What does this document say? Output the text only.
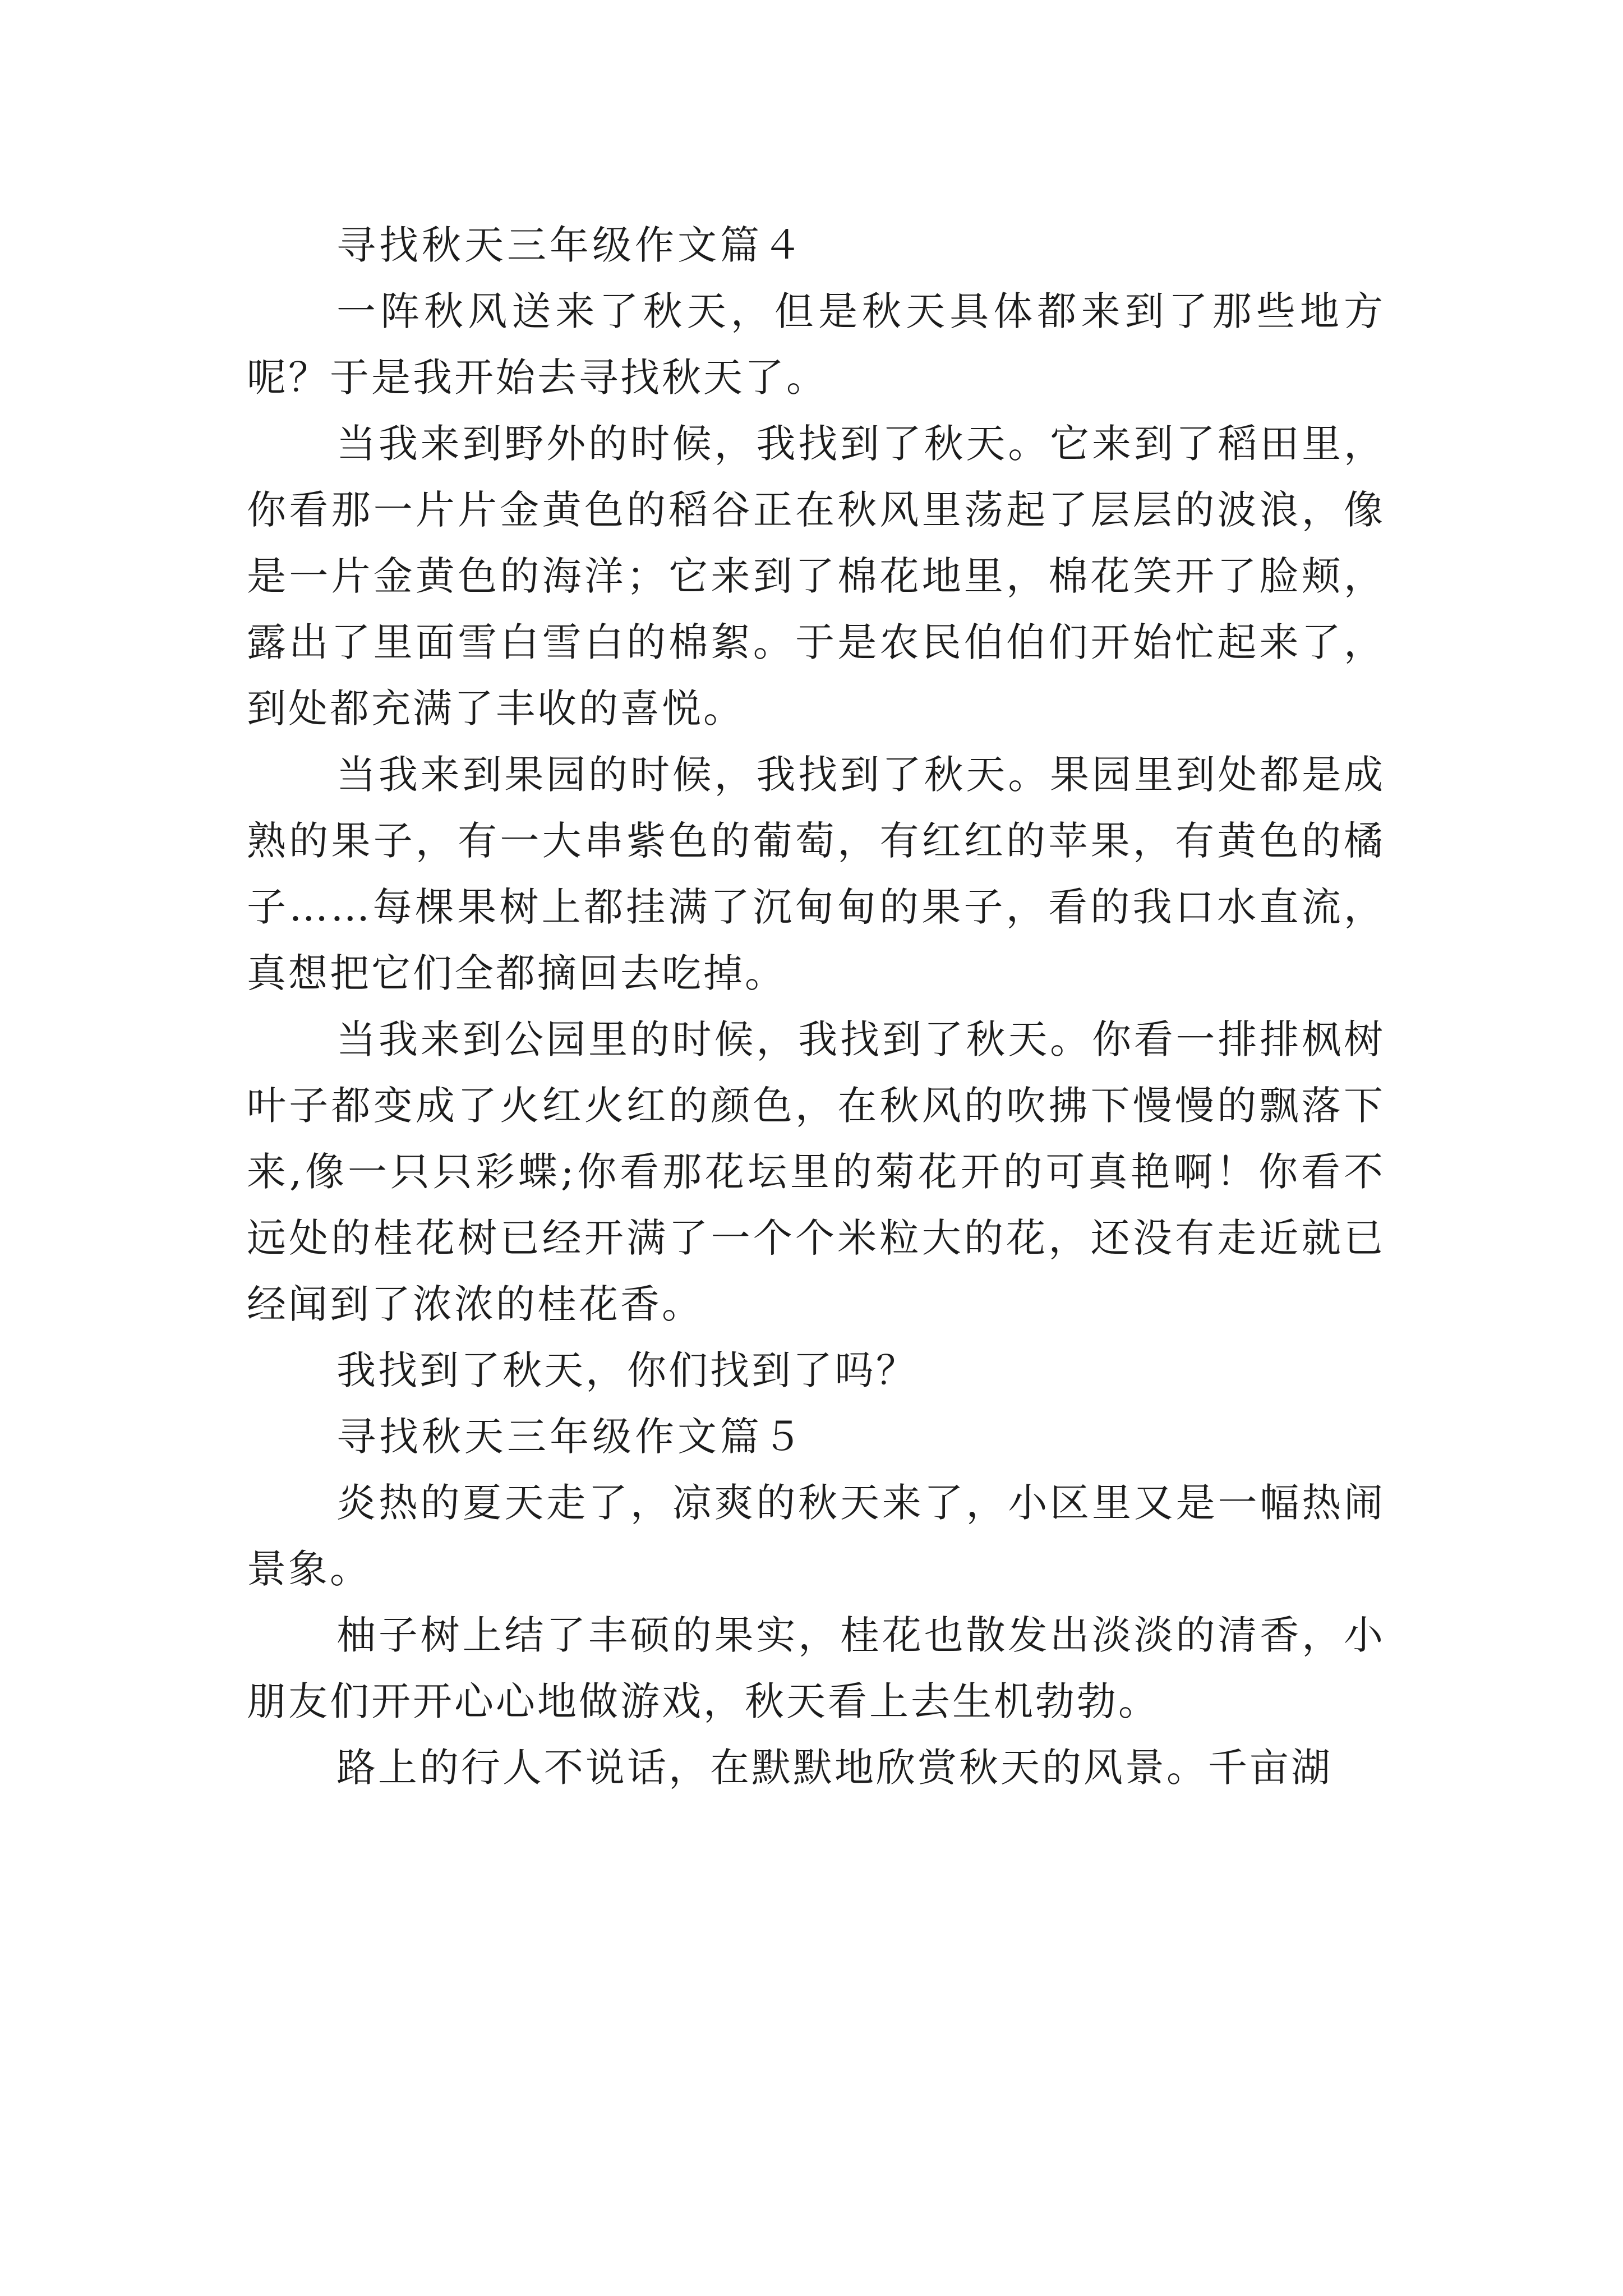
寻找秋天三年级作文篇４

一阵秋风送来了秋天，但是秋天具体都来到了那些地方呢？于是我开始去寻找秋天了。

当我来到野外的时候，我找到了秋天。它来到了稻田里，你看那一片片金黄色的稻谷正在秋风里荡起了层层的波浪，像是一片金黄色的海洋；它来到了棉花地里，棉花笑开了脸颊，露出了里面雪白雪白的棉絮。于是农民伯伯们开始忙起来了，到处都充满了丰收的喜悦。

当我来到果园的时候，我找到了秋天。果园里到处都是成熟的果子，有一大串紫色的葡萄，有红红的苹果，有黄色的橘子……每棵果树上都挂满了沉甸甸的果子，看的我口水直流，真想把它们全都摘回去吃掉。

当我来到公园里的时候，我找到了秋天。你看一排排枫树叶子都变成了火红火红的颜色，在秋风的吹拂下慢慢的飘落下来,像一只只彩蝶;你看那花坛里的菊花开的可真艳啊！你看不远处的桂花树已经开满了一个个米粒大的花，还没有走近就已经闻到了浓浓的桂花香。

我找到了秋天，你们找到了吗？

寻找秋天三年级作文篇５

炎热的夏天走了，凉爽的秋天来了，小区里又是一幅热闹景象。

柚子树上结了丰硕的果实，桂花也散发出淡淡的清香，小朋友们开开心心地做游戏，秋天看上去生机勃勃。

路上的行人不说话，在默默地欣赏秋天的风景。千亩湖
